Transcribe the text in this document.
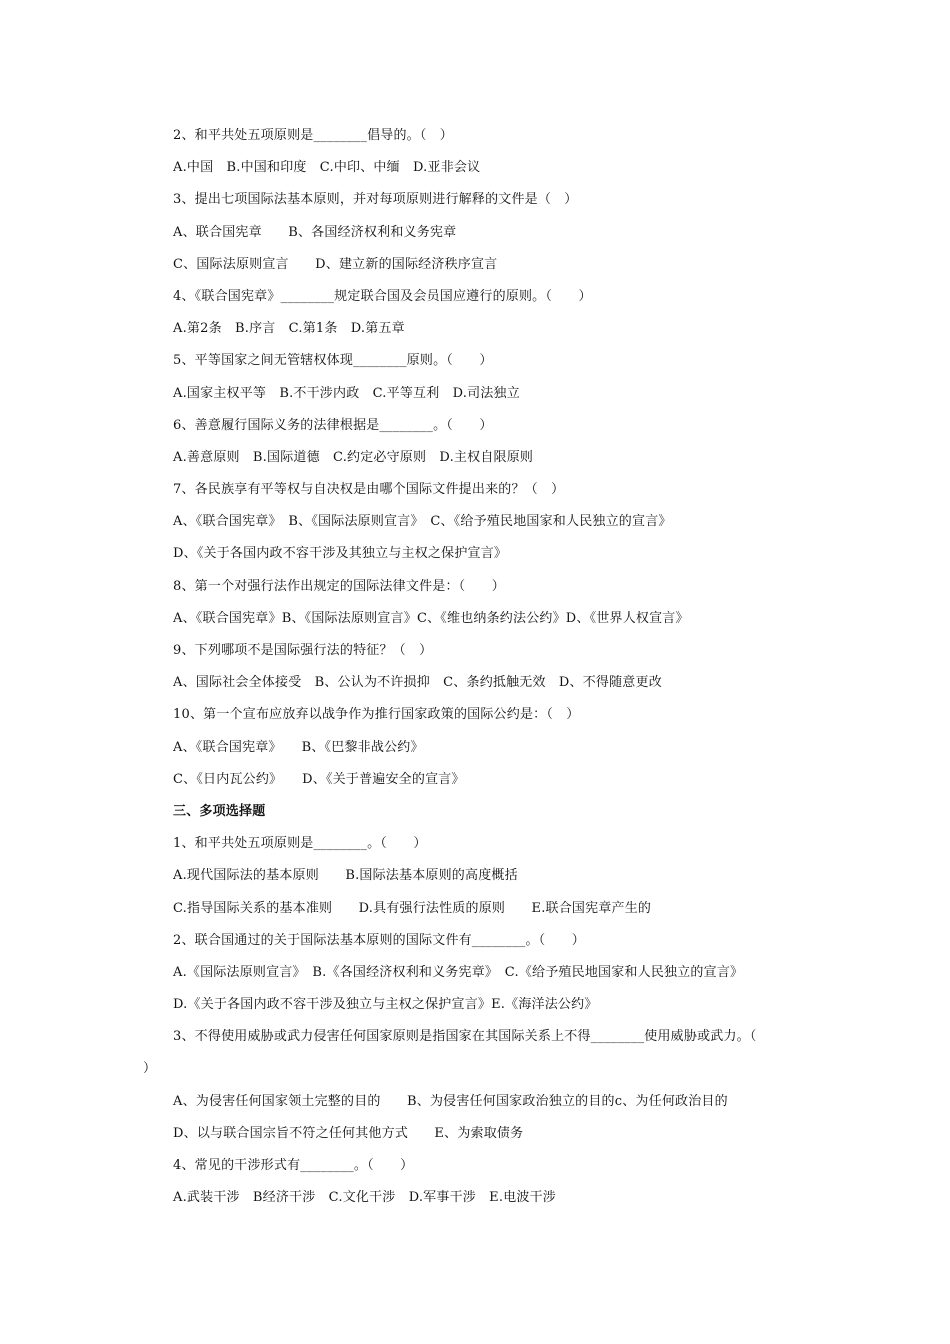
2、和平共处五项原则是________倡导的。（　）
A.中国　B.中国和印度　C.中印、中缅　D.亚非会议
3、提出七项国际法基本原则，并对每项原则进行解释的文件是（　）
A、联合国宪章　　B、各国经济权利和义务宪章
C、国际法原则宣言　　D、建立新的国际经济秩序宣言
4、《联合国宪章》________规定联合国及会员国应遵行的原则。（　　）
A.第2条　B.序言　C.第1条　D.第五章
5、平等国家之间无管辖权体现________原则。（　　）
A.国家主权平等　B.不干涉内政　C.平等互利　D.司法独立
6、善意履行国际义务的法律根据是________。（　　）
A.善意原则　B.国际道德　C.约定必守原则　D.主权自限原则
7、各民族享有平等权与自决权是由哪个国际文件提出来的？（　）
A、《联合国宪章》　B、《国际法原则宣言》　C、《给予殖民地国家和人民独立的宣言》
D、《关于各国内政不容干涉及其独立与主权之保护宣言》
8、第一个对强行法作出规定的国际法律文件是：（　　）
A、《联合国宪章》B、《国际法原则宣言》C、《维也纳条约法公约》D、《世界人权宣言》
9、下列哪项不是国际强行法的特征？（　）
A、国际社会全体接受　B、公认为不许损抑　C、条约抵触无效　D、不得随意更改
10、第一个宣布应放弃以战争作为推行国家政策的国际公约是：（　）
A、《联合国宪章》　　B、《巴黎非战公约》
C、《日内瓦公约》　　D、《关于普遍安全的宣言》
三、多项选择题
1、和平共处五项原则是________。（　　）
A.现代国际法的基本原则　　B.国际法基本原则的高度概括
C.指导国际关系的基本准则　　D.具有强行法性质的原则　　E.联合国宪章产生的
2、联合国通过的关于国际法基本原则的国际文件有________。（　　）
A.《国际法原则宣言》　B.《各国经济权利和义务宪章》　C.《给予殖民地国家和人民独立的宣言》
D.《关于各国内政不容干涉及独立与主权之保护宣言》E.《海洋法公约》
3、不得使用威胁或武力侵害任何国家原则是指国家在其国际关系上不得________使用威胁或武力。（
）
A、为侵害任何国家领土完整的目的　　B、为侵害任何国家政治独立的目的c、为任何政治目的
D、以与联合国宗旨不符之任何其他方式　　E、为索取债务
4、常见的干涉形式有________。（　　）
A.武装干涉　B经济干涉　C.文化干涉　D.军事干涉　E.电波干涉
